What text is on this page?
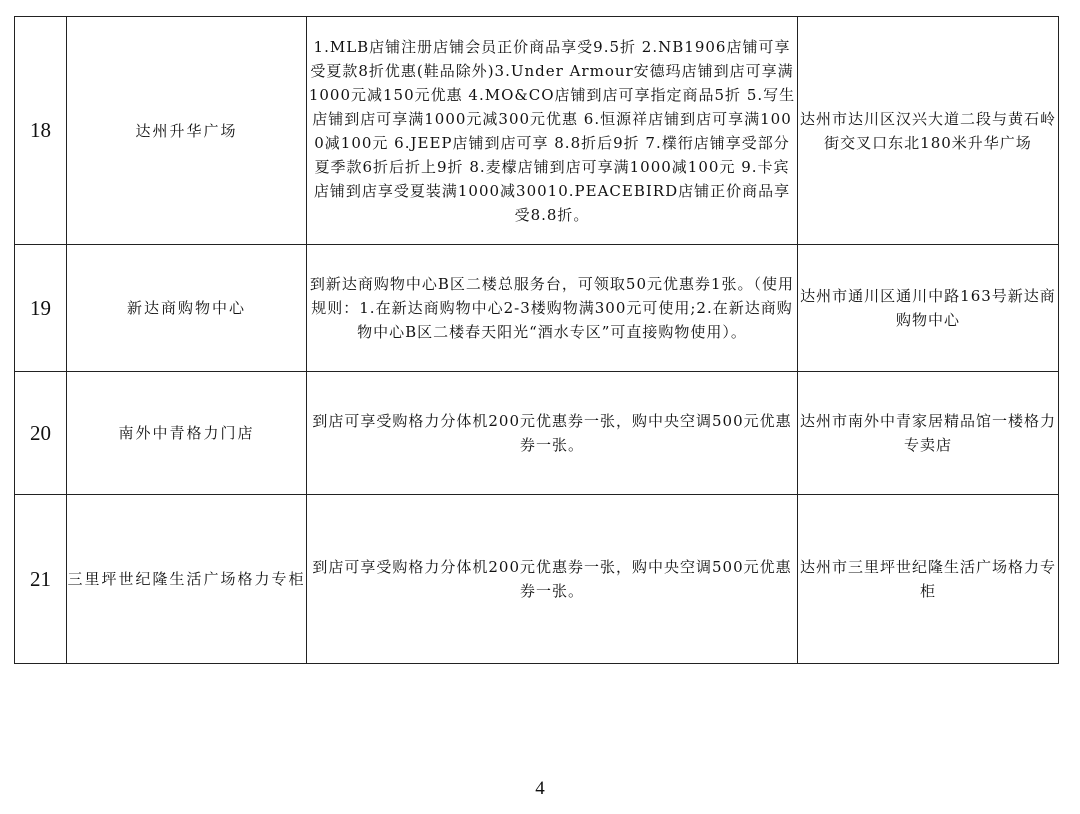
18	达州升华广场	1.MLB店铺注册店铺会员正价商品享受9.5折 2.NB1906店铺可享受夏款8折优惠(鞋品除外)3.Under Armour安德玛店铺到店可享满1000元减150元优惠 4.MO&CO店铺到店可享指定商品5折 5.写生店铺到店可享满1000元减300元优惠 6.恒源祥店铺到店可享满1000减100元 6.JEEP店铺到店可享 8.8折后9折 7.檏衎店铺享受部分夏季款6折后折上9折 8.麦檬店铺到店可享满1000减100元 9.卡宾店铺到店享受夏装满1000减30010.PEACEBIRD店铺正价商品享受8.8折。	达州市达川区汉兴大道二段与黄石岭街交叉口东北180米升华广场
19	新达商购物中心	到新达商购物中心B区二楼总服务台，可领取50元优惠券1张。（使用规则：1.在新达商购物中心2-3楼购物满300元可使用;2.在新达商购物中心B区二楼春天阳光“酒水专区”可直接购物使用）。	达州市通川区通川中路163号新达商购物中心
20	南外中青格力门店	到店可享受购格力分体机200元优惠券一张，购中央空调500元优惠券一张。	达州市南外中青家居精品馆一楼格力专卖店
21	三里坪世纪隆生活广场格力专柜	到店可享受购格力分体机200元优惠券一张，购中央空调500元优惠券一张。	达州市三里坪世纪隆生活广场格力专柜
4
